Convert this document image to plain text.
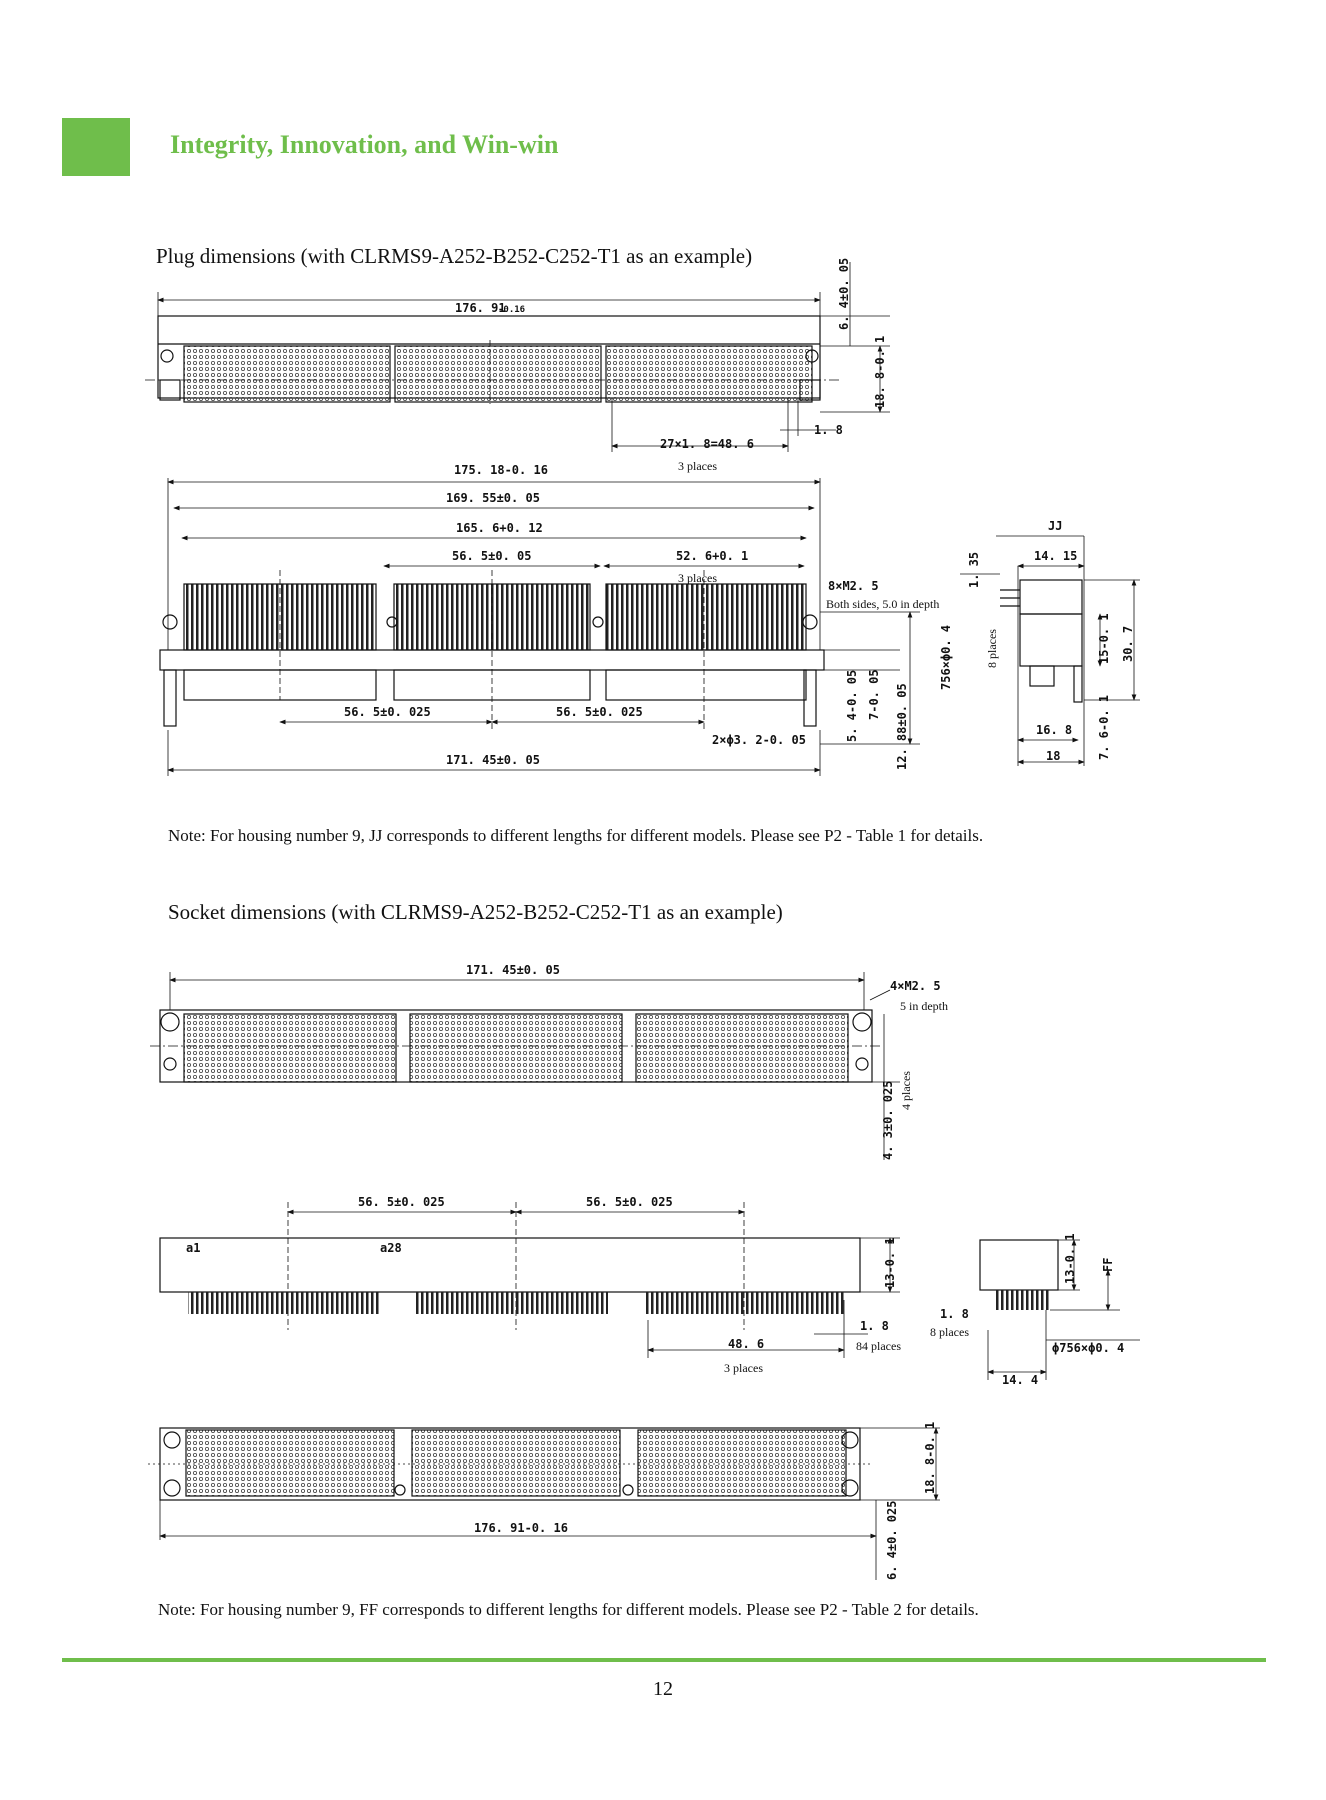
Integrity, Innovation, and Win-win
Plug dimensions (with CLRMS9-A252-B252-C252-T1 as an example)
176. 91
-0.16	6. 4±0. 05
18. 8-0. 1
1. 8
27×1. 8=48. 6
3 places
175. 18-0. 16
169. 55±0. 05
165. 6+0. 12
56. 5±0. 05	52. 6+0. 1
3 places
8×M2. 5
Both sides, 5.0 in depth
56. 5±0. 025	56. 5±0. 025
2×ϕ3. 2-0. 05
171. 45±0. 05
5. 4-0. 05 7-0. 05 12. 88±0. 05
JJ
14. 15
1. 35
756×ϕ0. 4	8 places	15-0. 1 30. 7
16. 8
18	7. 6-0. 1
171. 45±0. 05
4×M2. 5
5 in depth
4 places
4. 3±0. 025
56. 5±0. 025	56. 5±0. 025
a1	a28	13-0. 1
1. 8
84 places
48. 6
3 places
1. 8
8 places
13-0. 1 FF
ϕ756×ϕ0. 4
14. 4
18. 8-0. 1
176. 91-0. 16	6. 4±0. 025
Note: For housing number 9, JJ corresponds to different lengths for different models. Please see P2 - Table 1 for details.
Socket dimensions (with CLRMS9-A252-B252-C252-T1 as an example)
Note: For housing number 9, FF corresponds to different lengths for different models. Please see P2 - Table 2 for details.
12
